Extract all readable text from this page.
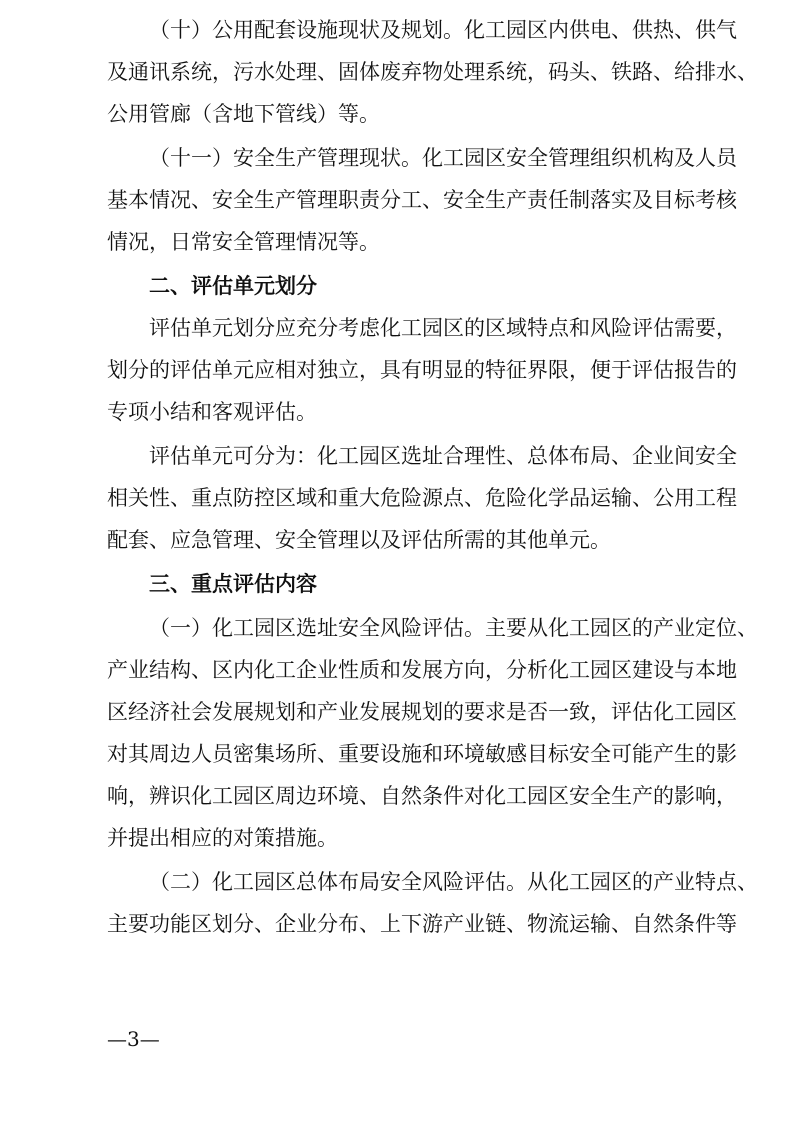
（十）公用配套设施现状及规划。化工园区内供电、供热、供气
及通讯系统，污水处理、固体废弃物处理系统，码头、铁路、给排水、
公用管廊（含地下管线）等。
（十一）安全生产管理现状。化工园区安全管理组织机构及人员
基本情况、安全生产管理职责分工、安全生产责任制落实及目标考核
情况，日常安全管理情况等。
二、评估单元划分
评估单元划分应充分考虑化工园区的区域特点和风险评估需要，
划分的评估单元应相对独立，具有明显的特征界限，便于评估报告的
专项小结和客观评估。
评估单元可分为：化工园区选址合理性、总体布局、企业间安全
相关性、重点防控区域和重大危险源点、危险化学品运输、公用工程
配套、应急管理、安全管理以及评估所需的其他单元。
三、重点评估内容
（一）化工园区选址安全风险评估。主要从化工园区的产业定位、
产业结构、区内化工企业性质和发展方向，分析化工园区建设与本地
区经济社会发展规划和产业发展规划的要求是否一致，评估化工园区
对其周边人员密集场所、重要设施和环境敏感目标安全可能产生的影
响，辨识化工园区周边环境、自然条件对化工园区安全生产的影响，
并提出相应的对策措施。
（二）化工园区总体布局安全风险评估。从化工园区的产业特点、
主要功能区划分、企业分布、上下游产业链、物流运输、自然条件等
—3—
